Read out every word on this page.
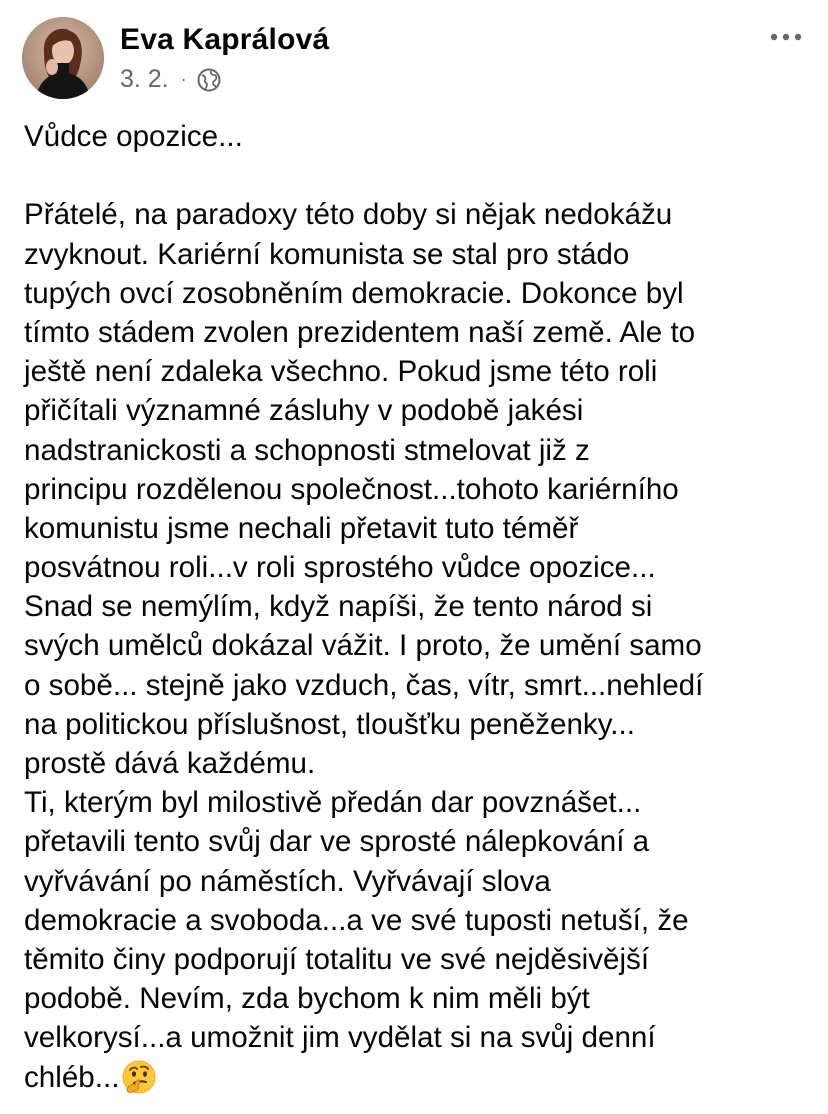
Eva Kaprálová
3. 2. ·
Vůdce opozice...
Přátelé, na paradoxy této doby si nějak nedokážu
zvyknout. Kariérní komunista se stal pro stádo
tupých ovcí zosobněním demokracie. Dokonce byl
tímto stádem zvolen prezidentem naší země. Ale to
ještě není zdaleka všechno. Pokud jsme této roli
přičítali významné zásluhy v podobě jakési
nadstranickosti a schopnosti stmelovat již z
principu rozdělenou společnost...tohoto kariérního
komunistu jsme nechali přetavit tuto téměř
posvátnou roli...v roli sprostého vůdce opozice...
Snad se nemýlím, když napíši, že tento národ si
svých umělců dokázal vážit. I proto, že umění samo
o sobě... stejně jako vzduch, čas, vítr, smrt...nehledí
na politickou příslušnost, tloušťku peněženky...
prostě dává každému.
Ti, kterým byl milostivě předán dar povznášet...
přetavili tento svůj dar ve sprosté nálepkování a
vyřvávání po náměstích. Vyřvávají slova
demokracie a svoboda...a ve své tuposti netuší, že
těmito činy podporují totalitu ve své nejděsivější
podobě. Nevím, zda bychom k nim měli být
velkorysí...a umožnit jim vydělat si na svůj denní
chléb...
